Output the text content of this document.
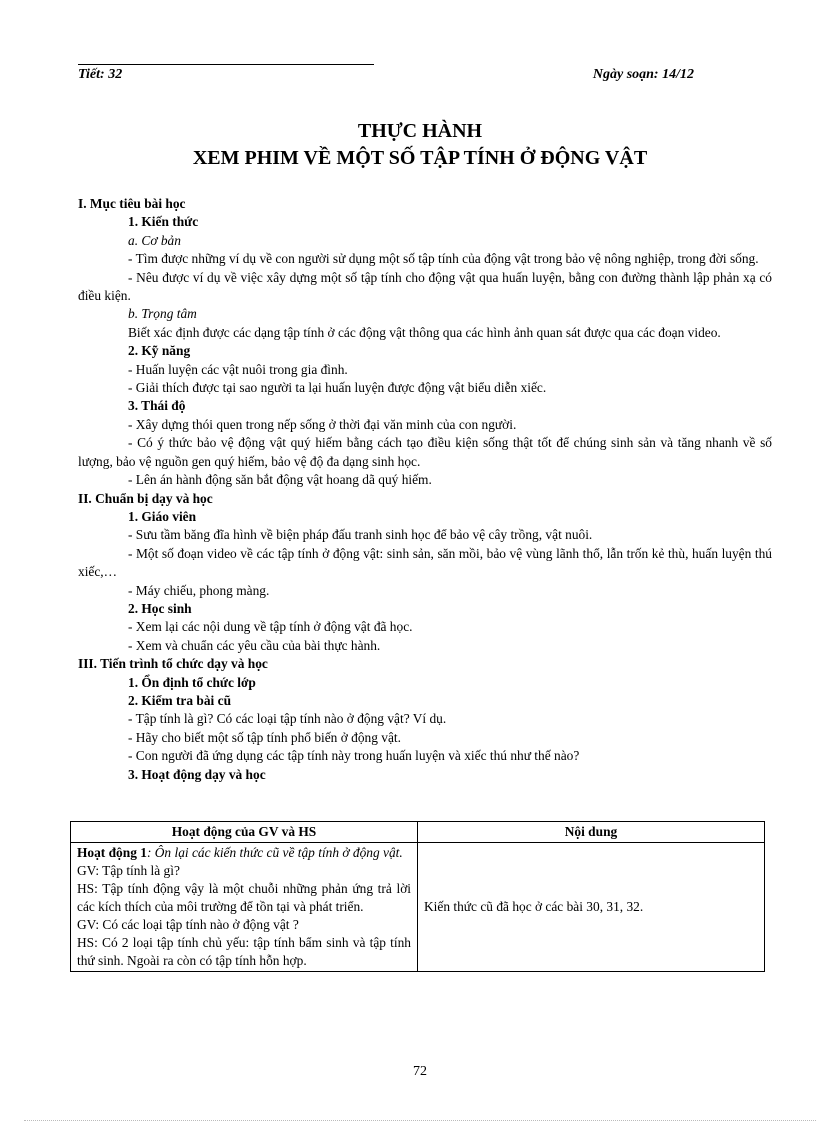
Tiết: 32	Ngày soạn: 14/12
THỰC HÀNH
XEM PHIM VỀ MỘT SỐ TẬP TÍNH Ở ĐỘNG VẬT

I. Mục tiêu bài học

1. Kiến thức

a. Cơ bản

- Tìm được những ví dụ về con người sử dụng một số tập tính của động vật trong bảo vệ nông nghiệp, trong đời sống.

- Nêu được ví dụ về việc xây dựng một số tập tính cho động vật qua huấn luyện, bằng con đường thành lập phản xạ có điều kiện.

b. Trọng tâm

Biết xác định được các dạng tập tính ở các động vật thông qua các hình ảnh quan sát được qua các đoạn video.

2. Kỹ năng

- Huấn luyện các vật nuôi trong gia đình.

- Giải thích được tại sao người ta lại huấn luyện được động vật biểu diễn xiếc.

3. Thái độ

- Xây dựng thói quen trong nếp sống ở thời đại văn minh của con người.

- Có ý thức bảo vệ động vật quý hiếm bằng cách tạo điều kiện sống thật tốt để chúng sinh sản và tăng nhanh về số lượng, bảo vệ nguồn gen quý hiếm, bảo vệ độ đa dạng sinh học.

- Lên án hành động săn bắt động vật hoang dã quý hiếm.

II. Chuẩn bị dạy và học

1. Giáo viên

- Sưu tầm băng đĩa hình về biện pháp đấu tranh sinh học để bảo vệ cây trồng, vật nuôi.

- Một số đoạn video về các tập tính ở động vật: sinh sản, săn mồi, bảo vệ vùng lãnh thổ, lẫn trốn kẻ thù, huấn luyện thú xiếc,…

- Máy chiếu, phong màng.

2. Học sinh

- Xem lại các nội dung về tập tính ở động vật đã học.

- Xem và chuẩn các yêu cầu của bài thực hành.

III. Tiến trình tổ chức dạy và học

1. Ổn định tổ chức lớp

2. Kiểm tra bài cũ

- Tập tính là gì? Có các loại tập tính nào ở động vật? Ví dụ.

- Hãy cho biết một số tập tính phổ biến ở động vật.

- Con người đã ứng dụng các tập tính này trong huấn luyện và xiếc thú như thế nào?

3. Hoạt động dạy và học

Hoạt động của GV và HS	Nội dung

Hoạt động 1: Ôn lại các kiến thức cũ về tập tính ở động vật.
GV: Tập tính là gì?
HS: Tập tính động vậy là một chuỗi những phản ứng trả lời các kích thích của môi trường để tồn tại và phát triển.
GV: Có các loại tập tính nào ở động vật ?
HS: Có 2 loại tập tính chủ yếu: tập tính bẩm sinh và tập tính thứ sinh. Ngoài ra còn có tập tính hỗn hợp.	Kiến thức cũ đã học ở các bài 30, 31, 32.
72
